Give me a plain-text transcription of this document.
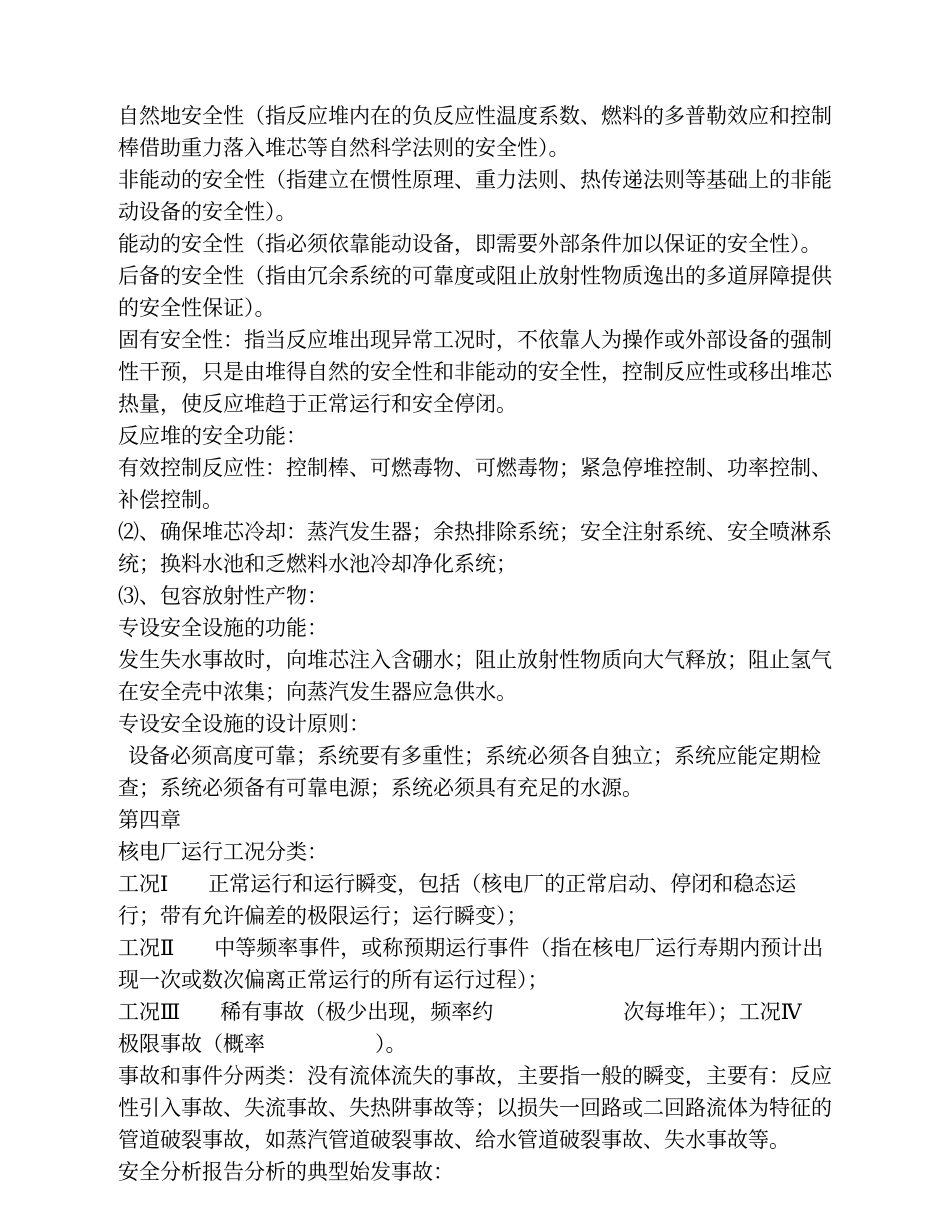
自然地安全性（指反应堆内在的负反应性温度系数、燃料的多普勒效应和控制棒借助重力落入堆芯等自然科学法则的安全性）。

非能动的安全性（指建立在惯性原理、重力法则、热传递法则等基础上的非能动设备的安全性）。

能动的安全性（指必须依靠能动设备，即需要外部条件加以保证的安全性）。

后备的安全性（指由冗余系统的可靠度或阻止放射性物质逸出的多道屏障提供的安全性保证）。

固有安全性：指当反应堆出现异常工况时，不依靠人为操作或外部设备的强制性干预，只是由堆得自然的安全性和非能动的安全性，控制反应性或移出堆芯热量，使反应堆趋于正常运行和安全停闭。

反应堆的安全功能：

有效控制反应性：控制棒、可燃毒物、可燃毒物；紧急停堆控制、功率控制、补偿控制。

⑵、确保堆芯冷却：蒸汽发生器；余热排除系统；安全注射系统、安全喷淋系统；换料水池和乏燃料水池冷却净化系统；

⑶、包容放射性产物：

专设安全设施的功能：

发生失水事故时，向堆芯注入含硼水；阻止放射性物质向大气释放；阻止氢气在安全壳中浓集；向蒸汽发生器应急供水。

专设安全设施的设计原则：

设备必须高度可靠；系统要有多重性；系统必须各自独立；系统应能定期检查；系统必须备有可靠电源；系统必须具有充足的水源。

第四章

核电厂运行工况分类：

工况Ⅰ 正常运行和运行瞬变，包括（核电厂的正常启动、停闭和稳态运行；带有允许偏差的极限运行；运行瞬变）；

工况Ⅱ 中等频率事件，或称预期运行事件（指在核电厂运行寿期内预计出现一次或数次偏离正常运行的所有运行过程）；

工况Ⅲ 稀有事故（极少出现，频率约	次每堆年）；工况Ⅳ极限事故（概率	）。

事故和事件分两类：没有流体流失的事故，主要指一般的瞬变，主要有：反应性引入事故、失流事故、失热阱事故等；以损失一回路或二回路流体为特征的管道破裂事故，如蒸汽管道破裂事故、给水管道破裂事故、失水事故等。

安全分析报告分析的典型始发事故：
